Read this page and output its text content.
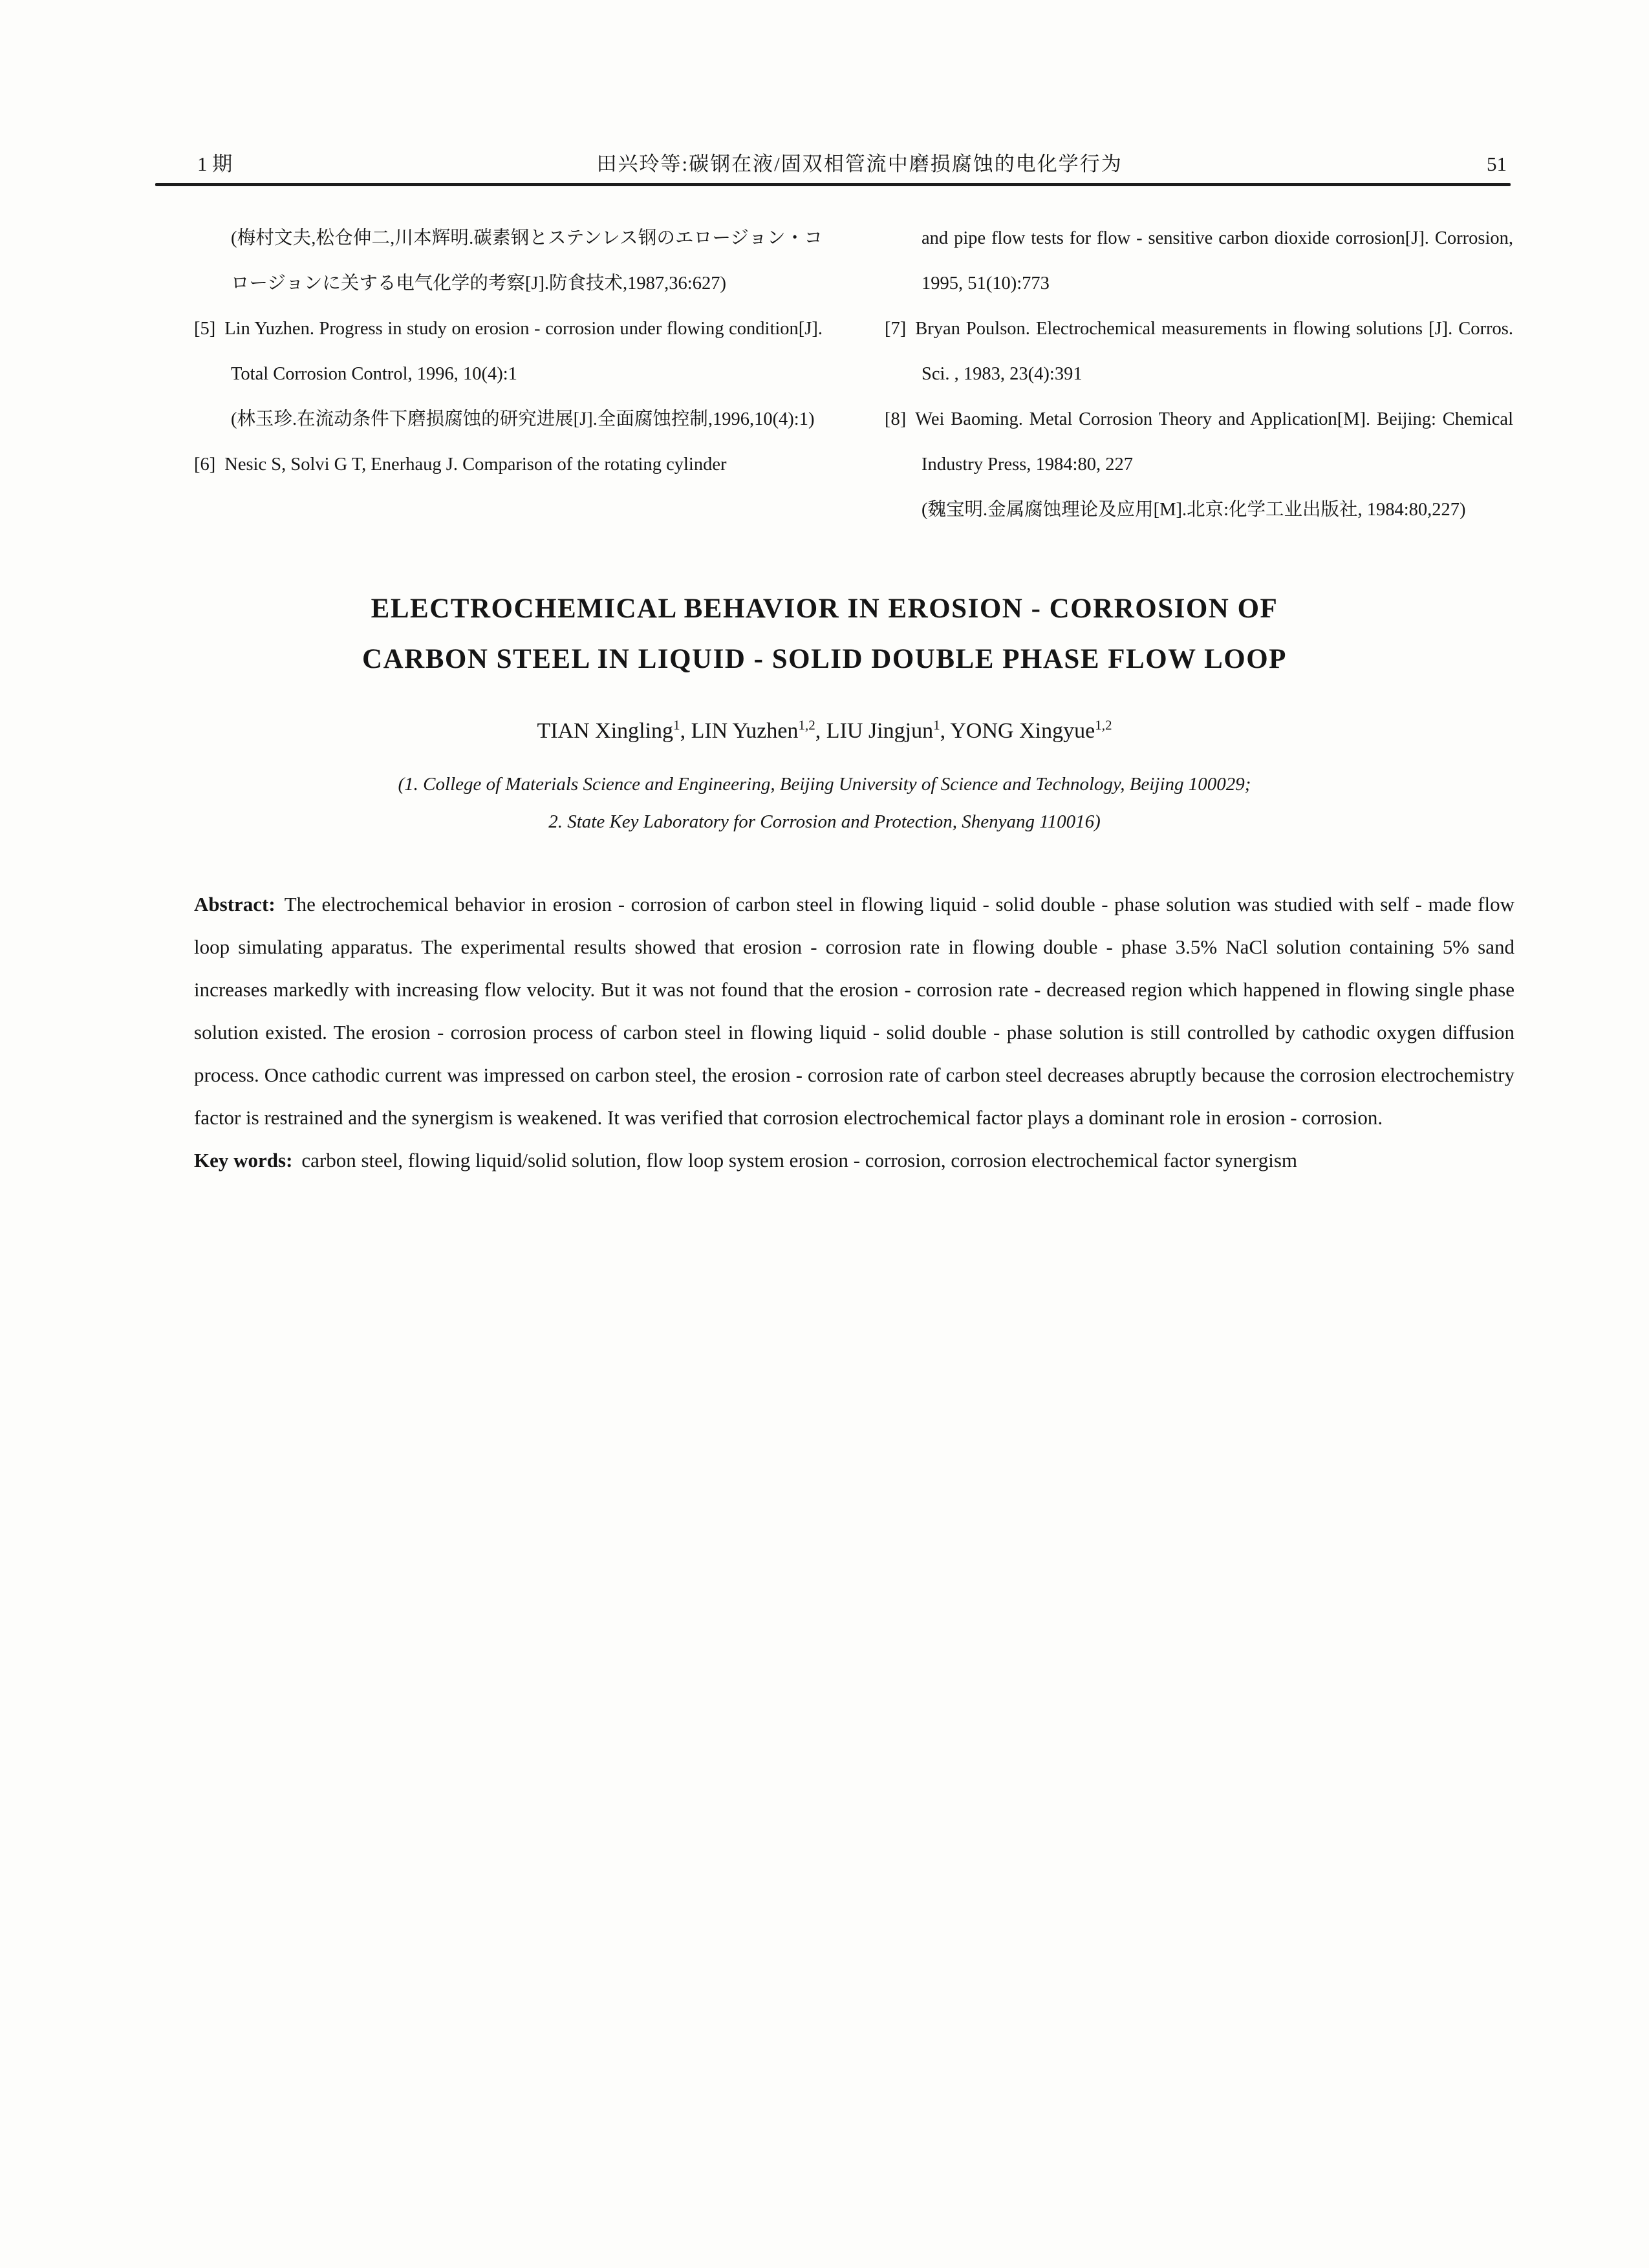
1 期	田兴玲等:碳钢在液/固双相管流中磨损腐蚀的电化学行为	51
(梅村文夫,松仓伸二,川本辉明.碳素钢とステンレス钢のエロージョン・コロージョンに关する电气化学的考察[J].防食技术,1987,36:627)
[5] Lin Yuzhen. Progress in study on erosion - corrosion under flowing condition[J]. Total Corrosion Control, 1996, 10(4):1
(林玉珍.在流动条件下磨损腐蚀的研究进展[J].全面腐蚀控制,1996,10(4):1)
[6] Nesic S, Solvi G T, Enerhaug J. Comparison of the rotating cylinder
and pipe flow tests for flow - sensitive carbon dioxide corrosion[J]. Corrosion, 1995, 51(10):773
[7] Bryan Poulson. Electrochemical measurements in flowing solutions [J]. Corros. Sci. , 1983, 23(4):391
[8] Wei Baoming. Metal Corrosion Theory and Application[M]. Beijing: Chemical Industry Press, 1984:80, 227
(魏宝明.金属腐蚀理论及应用[M].北京:化学工业出版社, 1984:80,227)
ELECTROCHEMICAL BEHAVIOR IN EROSION - CORROSION OF
CARBON STEEL IN LIQUID - SOLID DOUBLE PHASE FLOW LOOP
TIAN Xingling$^1$, LIN Yuzhen$^{1,2}$, LIU Jingjun$^1$, YONG Xingyue$^{1,2}$
(1. College of Materials Science and Engineering, Beijing University of Science and Technology, Beijing 100029;
2. State Key Laboratory for Corrosion and Protection, Shenyang 110016)

Abstract: The electrochemical behavior in erosion - corrosion of carbon steel in flowing liquid - solid double - phase solution was studied with self - made flow loop simulating apparatus. The experimental results showed that erosion - corrosion rate in flowing double - phase 3.5% NaCl solution containing 5% sand increases markedly with increasing flow velocity. But it was not found that the erosion - corrosion rate - decreased region which happened in flowing single phase solution existed. The erosion - corrosion process of carbon steel in flowing liquid - solid double - phase solution is still controlled by cathodic oxygen diffusion process. Once cathodic current was impressed on carbon steel, the erosion - corrosion rate of carbon steel decreases abruptly because the corrosion electrochemistry factor is restrained and the synergism is weakened. It was verified that corrosion electrochemical factor plays a dominant role in erosion - corrosion.

Key words: carbon steel, flowing liquid/solid solution, flow loop system erosion - corrosion, corrosion electrochemical factor synergism
